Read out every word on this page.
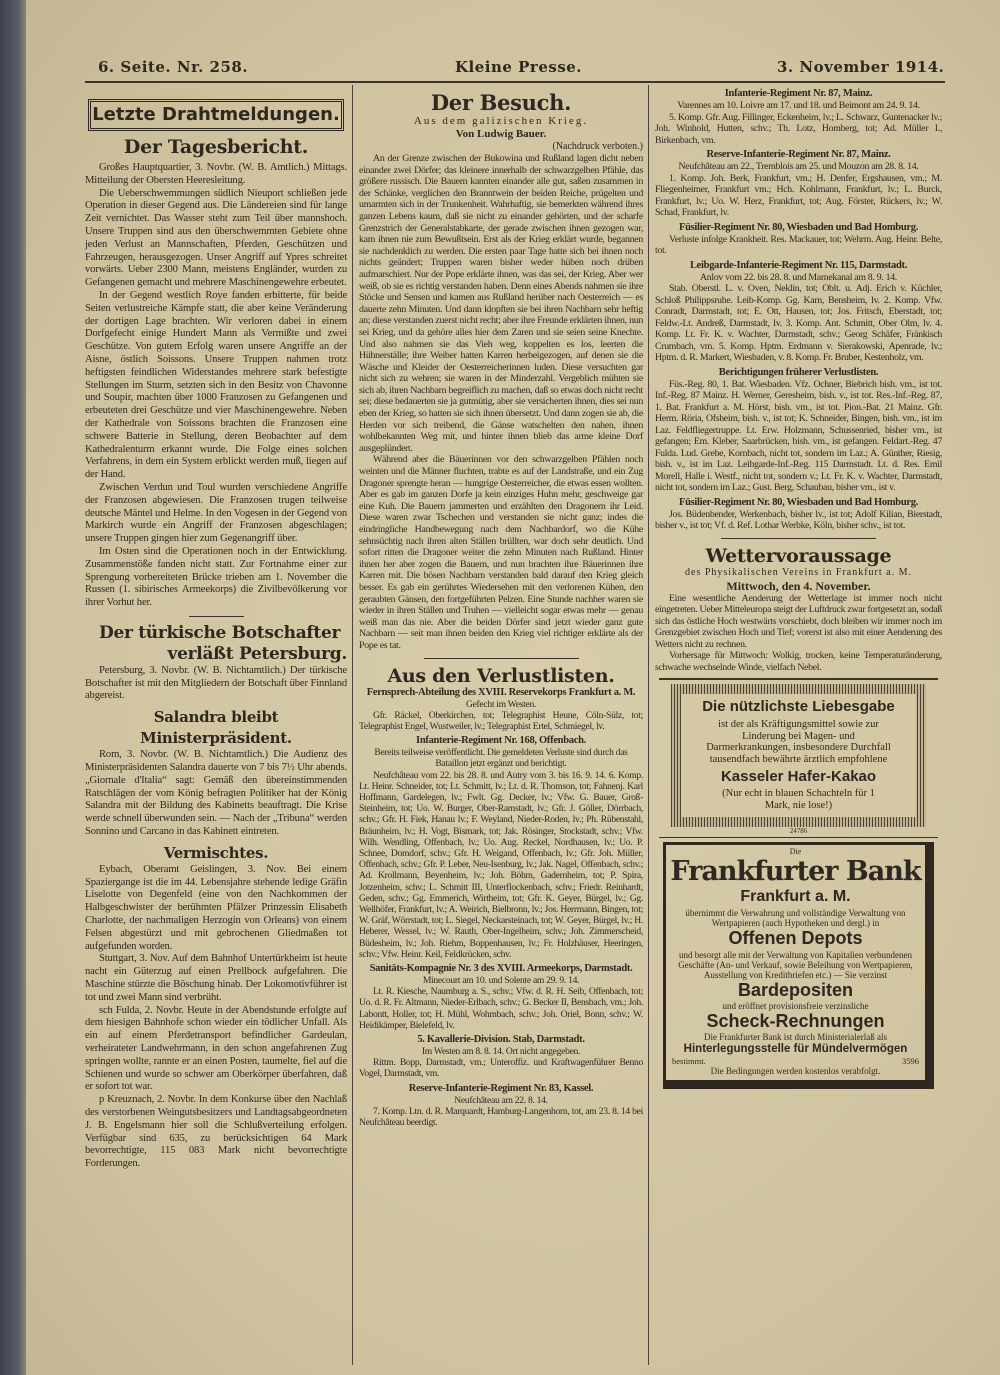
6. Seite. Nr. 258.	Kleine Presse.	3. November 1914.
Letzte Drahtmeldungen.
Der Tagesbericht.

Großes Hauptquartier, 3. Novbr. (W. B. Amtlich.) Mittags. Mitteilung der Obersten Heeresleitung.

Die Ueberschwemmungen südlich Nieuport schließen jede Operation in dieser Gegend aus. Die Ländereien sind für lange Zeit vernichtet. Das Wasser steht zum Teil über mannshoch. Unsere Truppen sind aus den überschwemmten Gebiete ohne jeden Verlust an Mannschaften, Pferden, Geschützen und Fahrzeugen, herausgezogen. Unser Angriff auf Ypres schreitet vorwärts. Ueber 2300 Mann, meistens Engländer, wurden zu Gefangenen gemacht und mehrere Maschinengewehre erbeutet.

In der Gegend westlich Roye fanden erbitterte, für beide Seiten verlustreiche Kämpfe statt, die aber keine Veränderung der dortigen Lage brachten. Wir verloren dabei in einem Dorfgefecht einige Hundert Mann als Vermißte und zwei Geschütze. Von gutem Erfolg waren unsere Angriffe an der Aisne, östlich Soissons. Unsere Truppen nahmen trotz heftigsten feindlichen Widerstandes mehrere stark befestigte Stellungen im Sturm, setzten sich in den Besitz von Chavonne und Soupir, machten über 1000 Franzosen zu Gefangenen und erbeuteten drei Geschütze und vier Maschinengewehre. Neben der Kathedrale von Soissons brachten die Franzosen eine schwere Batterie in Stellung, deren Beobachter auf dem Kathedralenturm erkannt wurde. Die Folge eines solchen Verfahrens, in dem ein System erblickt werden muß, liegen auf der Hand.

Zwischen Verdun und Toul wurden verschiedene Angriffe der Franzosen abgewiesen. Die Franzosen trugen teilweise deutsche Mäntel und Helme. In den Vogesen in der Gegend von Markirch wurde ein Angriff der Franzosen abgeschlagen; unsere Truppen gingen hier zum Gegenangriff über.

Im Osten sind die Operationen noch in der Entwicklung. Zusammenstöße fanden nicht statt. Zur Fortnahme einer zur Sprengung vorbereiteten Brücke trieben am 1. November die Russen (1. sibirisches Armeekorps) die Zivilbevölkerung vor ihrer Vorhut her.

Der türkische Botschafter
verläßt Petersburg.

Petersburg, 3. Novbr. (W. B. Nichtamtlich.) Der türkische Botschafter ist mit den Mitgliedern der Botschaft über Finnland abgereist.

Salandra bleibt Ministerpräsident.

Rom, 3. Novbr. (W. B. Nichtamtlich.) Die Audienz des Ministerpräsidenten Salandra dauerte von 7 bis 7½ Uhr abends. „Giornale d'Italia“ sagt: Gemäß den übereinstimmenden Ratschlägen der vom König befragten Politiker hat der König Salandra mit der Bildung des Kabinetts beauftragt. Die Krise werde schnell überwunden sein. — Nach der „Tribuna“ werden Sonnino und Carcano in das Kabinett eintreten.

Vermischtes.

Eybach, Oberamt Geislingen, 3. Nov. Bei einem Spaziergange ist die im 44. Lebensjahre stehende ledige Gräfin Liselotte von Degenfeld (eine von den Nachkommen der Halbgeschwister der berühmten Pfälzer Prinzessin Elisabeth Charlotte, der nachmaligen Herzogin von Orleans) von einem Felsen abgestürzt und mit gebrochenen Gliedmaßen tot aufgefunden worden.

Stuttgart, 3. Nov. Auf dem Bahnhof Untertürkheim ist heute nacht ein Güterzug auf einen Prellbock aufgefahren. Die Maschine stürzte die Böschung hinab. Der Lokomotivführer ist tot und zwei Mann sind verbrüht.

sch Fulda, 2. Novbr. Heute in der Abendstunde erfolgte auf dem hiesigen Bahnhofe schon wieder ein tödlicher Unfall. Als ein auf einem Pferdetransport befindlicher Gardeulan, verheirateter Landwehrmann, in den schon angefahrenen Zug springen wollte, rannte er an einen Posten, taumelte, fiel auf die Schienen und wurde so schwer am Oberkörper überfahren, daß er sofort tot war.

p Kreuznach, 2. Novbr. In dem Konkurse über den Nachlaß des verstorbenen Weingutsbesitzers und Landtagsabgeordneten J. B. Engelsmann hier soll die Schlußverteilung erfolgen. Verfügbar sind 635, zu berücksichtigen 64 Mark bevorrechtigte, 115 083 Mark nicht bevorrechtigte Forderungen.

Der Besuch.
Aus dem galizischen Krieg.
Von Ludwig Bauer.
(Nachdruck verboten.)

An der Grenze zwischen der Bukowina und Rußland lagen dicht neben einander zwei Dörfer; das kleinere innerhalb der schwarzgelben Pfähle, das größere russisch. Die Bauern kannten einander alle gut, saßen zusammen in der Schänke, verglichen den Branntwein der beiden Reiche, prügelten und umarmten sich in der Trunkenheit. Wahrhaftig, sie bemerkten während ihres ganzen Lebens kaum, daß sie nicht zu einander gehörten, und der scharfe Grenzstrich der Generalstabkarte, der gerade zwischen ihnen gezogen war, kam ihnen nie zum Bewußtsein. Erst als der Krieg erklärt wurde, begannen sie nachdenklich zu werden. Die ersten paar Tage hatte sich bei ihnen noch nichts geändert; Truppen waren bisher weder hüben noch drüben aufmarschiert. Nur der Pope erklärte ihnen, was das sei, der Krieg. Aber wer weiß, ob sie es richtig verstanden haben. Denn eines Abends nahmen sie ihre Stöcke und Sensen und kamen aus Rußland herüber nach Oesterreich — es dauerte zehn Minuten. Und dann klopften sie bei ihren Nachbarn sehr heftig an; diese verstanden zuerst nicht recht; aber ihre Freunde erklärten ihnen, nun sei Krieg, und da gehöre alles hier dem Zaren und sie seien seine Knechte. Und also nahmen sie das Vieh weg, koppelten es los, leerten die Hühnerställe; ihre Weiber hatten Karren herbeigezogen, auf denen sie die Wäsche und Kleider der Oesterreicherinnen luden. Diese versuchten gar nicht sich zu wehren; sie waren in der Minderzahl. Vergeblich mühten sie sich ab, ihren Nachbarn begreiflich zu machen, daß so etwas doch nicht recht sei; diese bedauerten sie ja gutmütig, aber sie versicherten ihnen, dies sei nun eben der Krieg, so hatten sie sich ihnen übersetzt. Und dann zogen sie ab, die Herden vor sich treibend, die Gänse watschelten den nahen, ihnen wohlbekannten Weg mit, und hinter ihnen blieb das arme kleine Dorf ausgeplündert.

Während aber die Bäuerinnen vor den schwarzgelben Pfählen noch weinten und die Männer fluchten, trabte es auf der Landstraße, und ein Zug Dragoner sprengte heran — hungrige Oesterreicher, die etwas essen wollten. Aber es gab im ganzen Dorfe ja kein einziges Huhn mehr, geschweige gar eine Kuh. Die Bauern jammerten und erzählten den Dragonern ihr Leid. Diese waren zwar Tschechen und verstanden sie nicht ganz; indes die eindringliche Handbewegung nach dem Nachbardorf, wo die Kühe sehnsüchtig nach ihren alten Ställen brüllten, war doch sehr deutlich. Und sofort ritten die Dragoner weiter die zehn Minuten nach Rußland. Hinter ihnen her aber zogen die Bauern, und nun brachten ihre Bäuerinnen ihre Karren mit. Die bösen Nachbarn verstanden bald darauf den Krieg gleich besser. Es gab ein gerührtes Wiedersehen mit den verlorenen Kühen, den geraubten Gänsen, den fortgeführten Pelzen. Eine Stunde nachher waren sie wieder in ihren Ställen und Truhen — vielleicht sogar etwas mehr — genau weiß man das nie. Aber die beiden Dörfer sind jetzt wieder ganz gute Nachbarn — seit man ihnen beiden den Krieg viel richtiger erklärte als der Pope es tat.

Aus den Verlustlisten.
Fernsprech-Abteilung des XVIII. Reservekorps Frankfurt a. M.
Gefecht im Westen.

Gfr. Räckel, Oberkirchen, tot; Telegraphist Heune, Cöln-Sülz, tot; Telegraphist Engel, Wustweiler, lv.; Telegraphist Ertel, Schmiegel, lv.

Infanterie-Regiment Nr. 168, Offenbach.
Bereits teilweise veröffentlicht. Die gemeldeten Verluste sind durch das Bataillon jetzt ergänzt und berichtigt.

Neufchâteau vom 22. bis 28. 8. und Autry vom 3. bis 16. 9. 14. 6. Komp. Lt. Heinr. Schneider, tot; Lt. Schmitt, lv.; Lt. d. R. Thomson, tot; Fahnenj. Karl Hoffmann, Gardelegen, lv.; Fwlt. Gg. Decker, lv.; Vfw. G. Bauer, Groß-Steinheim, tot; Uo. W. Burger, Ober-Ramstadt, lv.; Gfr. J. Göller, Dörrbach, schv.; Gfr. H. Fiek, Hanau lv.; F. Weyland, Nieder-Roden, lv.; Ph. Rübenstahl, Bräunheim, lv.; H. Vogt, Bismark, tot; Jak. Rösinger, Stockstadt, schv.; Vfw. Wilh. Wendling, Offenbach, lv.; Uo. Aug. Reckel, Nordhausen, lv.; Uo. P. Schnee, Domdorf, schv.; Gfr. H. Weigand, Offenbach, lv.; Gfr. Joh. Müller, Offenbach, schv.; Gfr. P. Leber, Neu-Isenburg, lv.; Jak. Nagel, Offenbach, schv.; Ad. Krollmann, Beyenheim, lv.; Joh. Böhm, Gadernheim, tot; P. Spira, Jotzenheim, schv.; L. Schmitt III, Unterflockenbach, schv.; Friedr. Reinhardt, Geden, schv.; Gg. Emmerich, Wirtheim, tot; Gfr. K. Geyer, Bürgel, lv.; Gg. Wellhöfer, Frankfurt, lv.; A. Weirich, Bielbronn, lv.; Jos. Herrmann, Bingen, tot; W. Gräf, Wörrstadt, tot; L. Siegel, Neckarsteinach, tot; W. Geyer, Bürgel, lv.; H. Heberer, Wessel, lv.; W. Rauth, Ober-Ingelheim, schv.; Joh. Zimmerscheid, Büdesheim, lv.; Joh. Riehm, Boppenhausen, lv.; Fr. Holzhäuser, Heeringen, schv.; Vfw. Heinr. Keil, Feldkrücken, schv.

Sanitäts-Kompagnie Nr. 3 des XVIII. Armeekorps, Darmstadt.
Minecourt am 10. und Solente am 29. 9. 14.

Lt. R. Kiesche, Naumburg a. S., schv.; Vfw. d. R. H. Seib, Offenbach, tot; Uo. d. R. Fr. Altmann, Nieder-Erlbach, schv.; G. Becker II, Bensbach, vm.; Joh. Labontt, Holler, tot; H. Mühl, Wohmbach, schv.; Joh. Oriel, Bonn, schv.; W. Heidikämper, Bielefeld, lv.

5. Kavallerie-Division. Stab, Darmstadt.
Im Westen am 8. 8. 14. Ort nicht angegeben.

Rittm. Bopp, Darmstadt, vm.; Unteroffiz. und Kraftwagenführer Benno Vogel, Darmstadt, vm.

Reserve-Infanterie-Regiment Nr. 83, Kassel.
Neufchâteau am 22. 8. 14.

7. Komp. Ltn. d. R. Marquardt, Hamburg-Langenhorn, tot, am 23. 8. 14 bei Neufchâteau beerdigt.

Infanterie-Regiment Nr. 87, Mainz.
Varennes am 10. Loivre am 17. und 18. und Beimont am 24. 9. 14.

5. Komp. Gfr. Aug. Fillinger, Eckenheim, lv.; L. Schwarz, Guntenacker lv.; Joh. Winhold, Hutten, schv.; Th. Lotz, Homberg, tot; Ad. Müller I., Birkenbach, vm.

Reserve-Infanterie-Regiment Nr. 87, Mainz.
Neufchâteau am 22., Tremblois am 25. und Mouzon am 28. 8. 14.

1. Komp. Joh. Berk, Frankfurt, vm.; H. Denfer, Ergshausen, vm.; M. Fliegenheimer, Frankfurt vm.; Hch. Kohlmann, Frankfurt, lv.; L. Burck, Frankfurt, lv.; Uo. W. Herz, Frankfurt, tot; Aug. Förster, Rückers, lv.; W. Schad, Frankfurt, lv.

Füsilier-Regiment Nr. 80, Wiesbaden und Bad Homburg.

Verluste infolge Krankheit. Res. Mackauer, tot; Wehrm. Aug. Heinr. Belte, tot.

Leibgarde-Infanterie-Regiment Nr. 115, Darmstadt.
Anlov vom 22. bis 28. 8. und Marnekanal am 8. 9. 14.

Stab. Oberstl. L. v. Oven, Neklin, tot; Oblt. u. Adj. Erich v. Küchler, Schloß Philippsruhe. Leib-Komp. Gg. Karn, Bensheim, lv. 2. Komp. Vfw. Conradt, Darmstadt, tot; E. Ott, Hausen, tot; Jos. Fritsch, Eberstadt, tot; Feldw.-Lt. Andreß, Darmstadt, lv. 3. Komp. Ant. Schmitt, Ober Olm, lv. 4. Komp. Lt. Fr. K. v. Wachter, Darmstadt, schv.; Georg Schäfer, Fränkisch Crumbach, vm. 5. Komp. Hptm. Erdmann v. Sierakowski, Apenrade, lv.; Hptm. d. R. Markert, Wiesbaden, v. 8. Komp. Fr. Bruber, Kestenholz, vm.

Berichtigungen früherer Verlustlisten.

Füs.-Reg. 80, 1. Bat. Wiesbaden. Vfz. Ochner, Biebrich bish. vm., ist tot. Inf.-Reg. 87 Mainz. H. Werner, Geresheim, bish. v., ist tot. Res.-Inf.-Reg. 87, 1. Bat. Frankfurt a. M. Hörst, bish. vm., ist tot. Pion.-Bat. 21 Mainz. Gfr. Herm. Röria, Ofsheim, bish. v., ist tot; K. Schneider, Bingen, bish. vm., ist im Laz. Feldfliegertruppe. Lt. Erw. Holzmann, Schussenried, bisher vm., ist gefangen; Em. Kleber, Saarbrücken, bish. vm., ist gefangen. Feldart.-Reg. 47 Fulda. Lud. Grebe, Kornbach, nicht tot, sondern im Laz.; A. Günther, Riesig, bish. v., ist im Laz. Leibgarde-Inf.-Reg. 115 Darmstadt. Lt. d. Res. Emil Morell, Halle i. Westf., nicht tot, sondern v.; Lt. Fr. K. v. Wachter, Darmstadt, nicht tot, sondern im Laz.; Gust. Berg, Schaubau, bisher vm., ist v.

Füsilier-Regiment Nr. 80, Wiesbaden und Bad Homburg.

Jos. Büdenbender, Werkenbach, bisher lv., ist tot; Adolf Kilian, Bierstadt, bisher v., ist tot; Vf. d. Ref. Lothar Werbke, Köln, bisher schv., ist tot.

Wettervoraussage
des Physikalischen Vereins in Frankfurt a. M.
Mittwoch, den 4. November.

Eine wesentliche Aenderung der Wetterlage ist immer noch nicht eingetreten. Ueber Mitteleuropa steigt der Luftdruck zwar fortgesetzt an, sodaß sich das östliche Hoch westwärts vorschiebt, doch bleiben wir immer noch im Grenzgebiet zwischen Hoch und Tief; vorerst ist also mit einer Aenderung des Wetters nicht zu rechnen.

Vorhersage für Mittwoch: Wolkig, trocken, keine Temperaturänderung, schwache wechselnde Winde, vielfach Nebel.

Die nützlichste Liebesgabe
ist der als Kräftigungsmittel sowie zur Linderung bei Magen- und Darmerkrankungen, insbesondere Durchfall tausendfach bewährte ärztlich empfohlene
Kasseler Hafer-Kakao
(Nur echt in blauen Schachteln für 1 Mark, nie lose!)
24786
Die
Frankfurter Bank
Frankfurt a. M.
übernimmt die Verwahrung und vollständige Verwaltung von Wertpapieren (auch Hypotheken und dergl.) in
Offenen Depots
und besorgt alle mit der Verwaltung von Kapitalien verbundenen Geschäfte (An- und Verkauf, sowie Beleihung von Wertpapieren, Ausstellung von Kreditbriefen etc.) — Sie verzinst
Bardepositen
und eröffnet provisionsfreie verzinsliche
Scheck-Rechnungen
Die Frankfurter Bank ist durch Ministerialerlaß als
Hinterlegungsstelle für Mündelvermögen
bestimmt.	3596
Die Bedingungen werden kostenlos verabfolgt.
